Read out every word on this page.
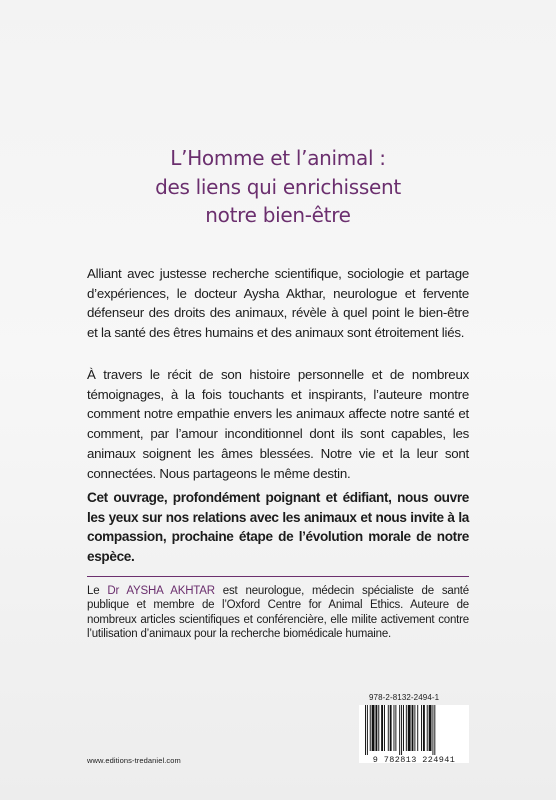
L’Homme et l’animal :
des liens qui enrichissent
notre bien-être

Alliant avec justesse recherche scientifique, sociologie et partage d’expériences, le docteur Aysha Akthar, neurologue et fervente défenseur des droits des animaux, révèle à quel point le bien-être et la santé des êtres humains et des animaux sont étroitement liés.

À travers le récit de son histoire personnelle et de nombreux témoignages, à la fois touchants et inspirants, l’auteure montre comment notre empathie envers les animaux affecte notre santé et comment, par l’amour inconditionnel dont ils sont capables, les animaux soignent les âmes blessées. Notre vie et la leur sont connectées. Nous partageons le même destin.

Cet ouvrage, profondément poignant et édifiant, nous ouvre les yeux sur nos relations avec les animaux et nous invite à la compassion, prochaine étape de l’évolution morale de notre espèce.

Le Dr AYSHA AKHTAR est neurologue, médecin spécialiste de santé publique et membre de l’Oxford Centre for Animal Ethics. Auteure de nombreux articles scientifiques et conférencière, elle milite activement contre l’utilisation d’animaux pour la recherche biomédicale humaine.

978-2-8132-2494-1
9 782813 224941
www.editions-tredaniel.com
